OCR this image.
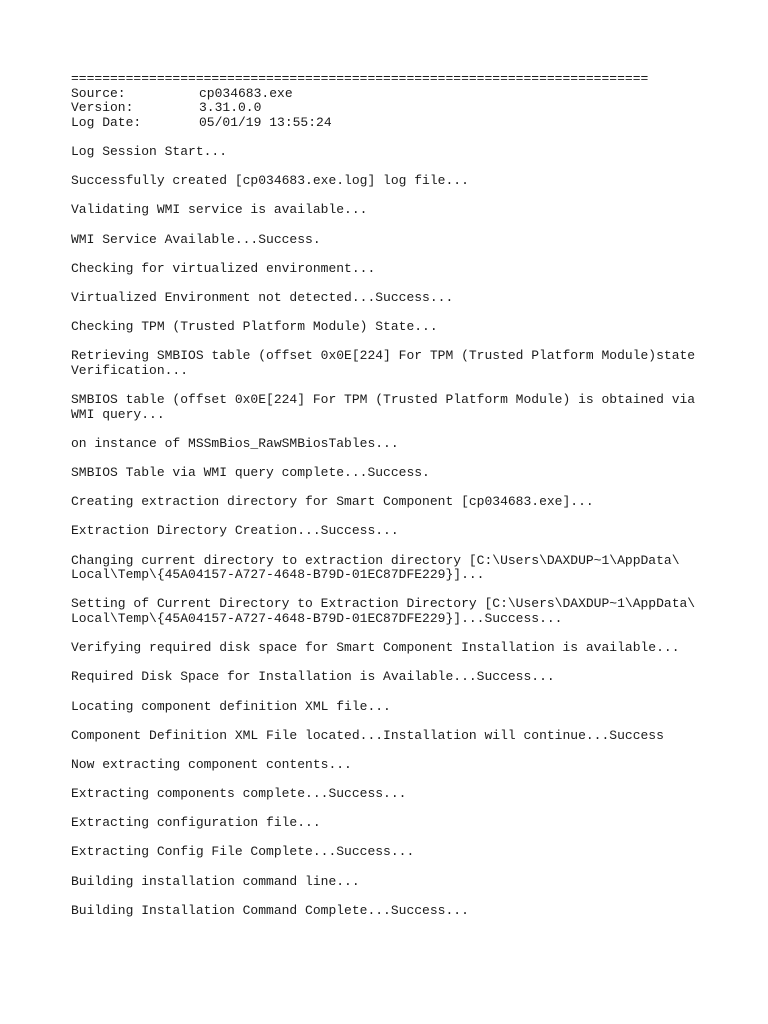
==========================================================================
Source:	cp034683.exe
Version:	3.31.0.0
Log Date:	05/01/19 13:55:24

Log Session Start...

Successfully created [cp034683.exe.log] log file...

Validating WMI service is available...

WMI Service Available...Success.

Checking for virtualized environment...

Virtualized Environment not detected...Success...

Checking TPM (Trusted Platform Module) State...

Retrieving SMBIOS table (offset 0x0E[224] For TPM (Trusted Platform Module)state
Verification...

SMBIOS table (offset 0x0E[224] For TPM (Trusted Platform Module) is obtained via
WMI query...

on instance of MSSmBios_RawSMBiosTables...

SMBIOS Table via WMI query complete...Success.

Creating extraction directory for Smart Component [cp034683.exe]...

Extraction Directory Creation...Success...

Changing current directory to extraction directory [C:\Users\DAXDUP~1\AppData\
Local\Temp\{45A04157-A727-4648-B79D-01EC87DFE229}]...

Setting of Current Directory to Extraction Directory [C:\Users\DAXDUP~1\AppData\
Local\Temp\{45A04157-A727-4648-B79D-01EC87DFE229}]...Success...

Verifying required disk space for Smart Component Installation is available...

Required Disk Space for Installation is Available...Success...

Locating component definition XML file...

Component Definition XML File located...Installation will continue...Success

Now extracting component contents...

Extracting components complete...Success...

Extracting configuration file...

Extracting Config File Complete...Success...

Building installation command line...

Building Installation Command Complete...Success...
